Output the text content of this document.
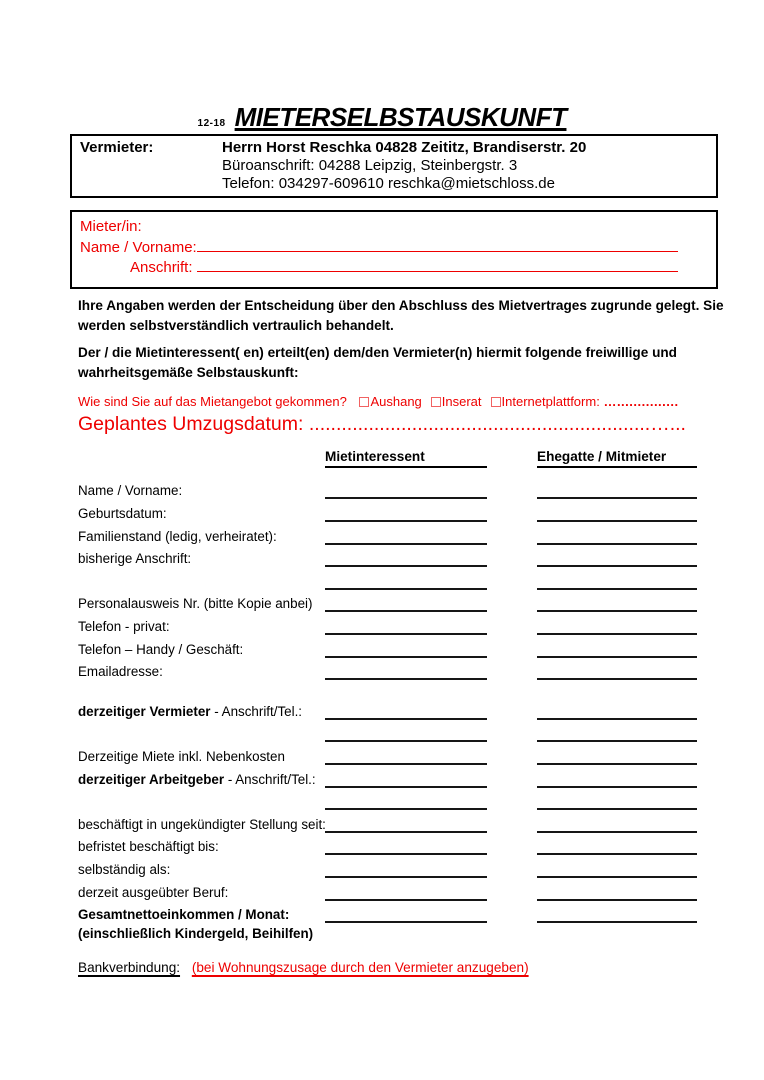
12-18 MIETERSELBSTAUSKUNFT
Vermieter:	Herrn Horst Reschka 04828 Zeititz, Brandiserstr. 20
Büroanschrift: 04288 Leipzig, Steinbergstr. 3
Telefon: 034297-609610 reschka@mietschloss.de
Mieter/in:
Name / Vorname:
Anschrift:

Ihre Angaben werden der Entscheidung über den Abschluss des Mietvertrages zugrunde gelegt. Sie
werden selbstverständlich vertraulich behandelt.
Der / die Mietinteressent( en) erteilt(en) dem/den Vermieter(n) hiermit folgende freiwillige und
wahrheitsgemäße Selbstauskunft:
Wie sind Sie auf das Mietangebot gekommen? Aushang Inserat Internetplattform: …...............
Geplantes Umzugsdatum: ...............................................................…...
Mietinteressent	Ehegatte / Mitmieter
Name / Vorname:
Geburtsdatum:
Familienstand (ledig, verheiratet):
bisherige Anschrift:
Personalausweis Nr. (bitte Kopie anbei)
Telefon - privat:
Telefon – Handy / Geschäft:
Emailadresse:
derzeitiger Vermieter - Anschrift/Tel.:
Derzeitige Miete inkl. Nebenkosten
derzeitiger Arbeitgeber - Anschrift/Tel.:
beschäftigt in ungekündigter Stellung seit:
befristet beschäftigt bis:
selbständig als:
derzeit ausgeübter Beruf:
Gesamtnettoeinkommen / Monat:
(einschließlich Kindergeld, Beihilfen)
Bankverbindung: (bei Wohnungszusage durch den Vermieter anzugeben)
